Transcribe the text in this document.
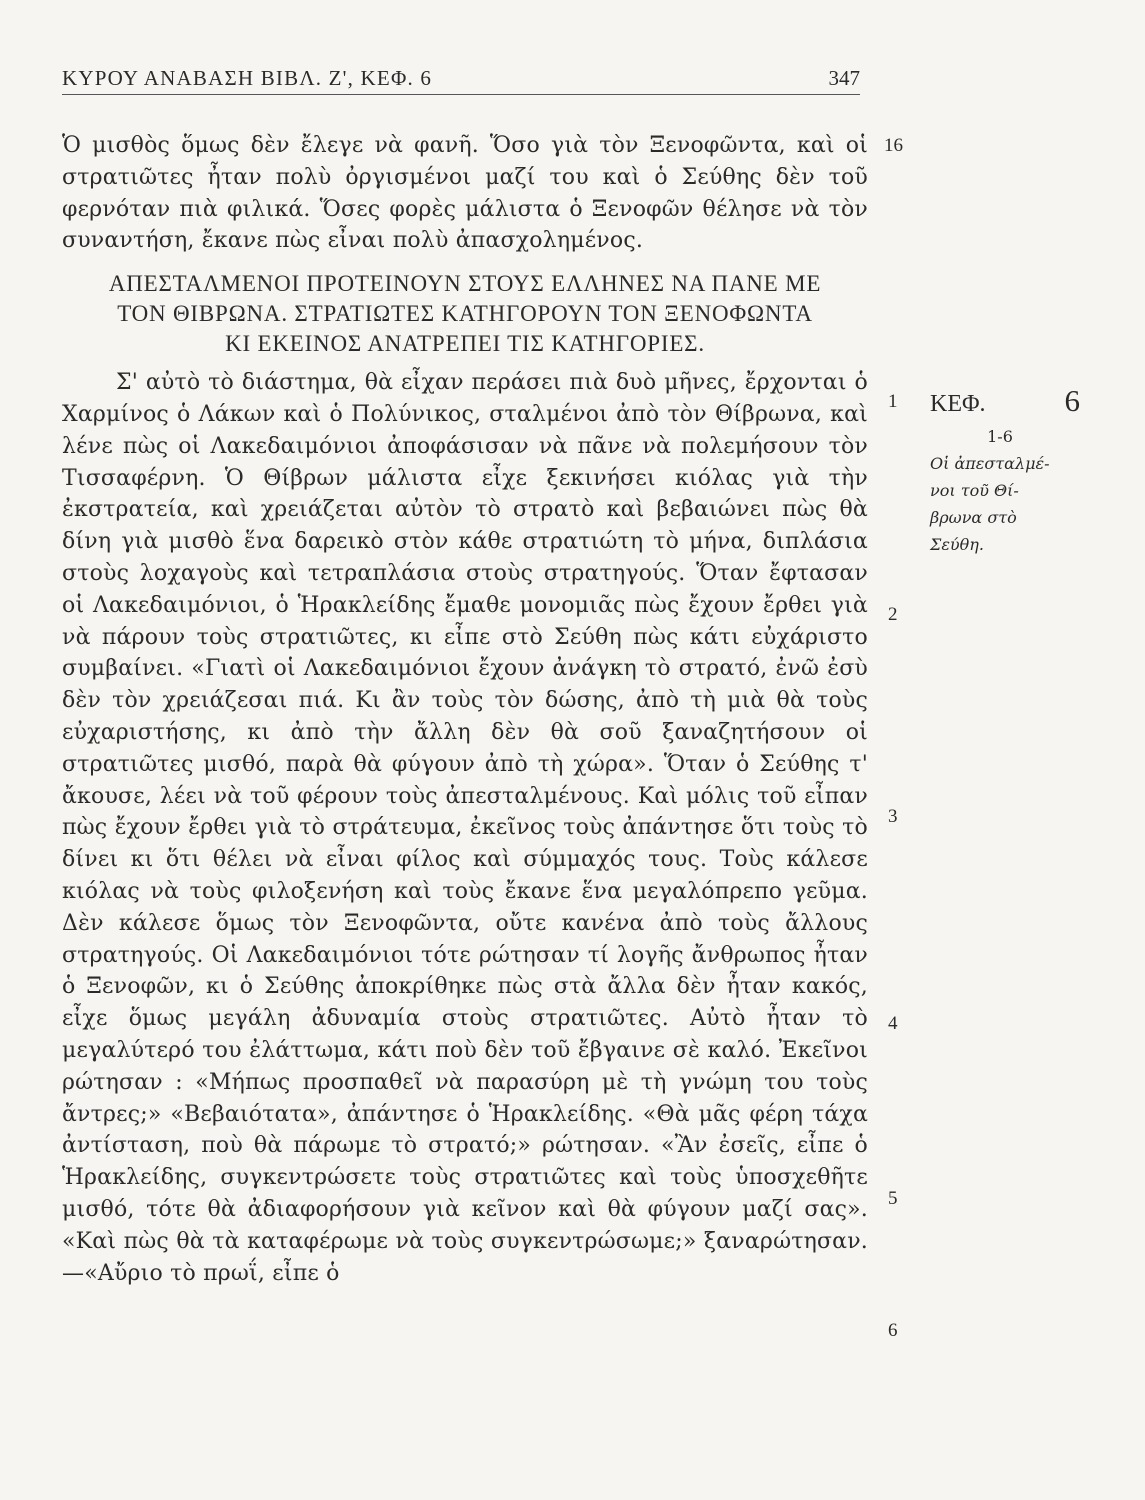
ΚΥΡΟΥ ΑΝΑΒΑΣΗ ΒΙΒΛ. Ζ', ΚΕΦ. 6	347

Ὁ μισθὸς ὅμως δὲν ἔλεγε νὰ φανῆ. Ὅσο γιὰ τὸν Ξενοφῶντα, καὶ οἱ στρατιῶτες ἦταν πολὺ ὀργισμένοι μαζί του καὶ ὁ Σεύθης δὲν τοῦ φερνόταν πιὰ φιλικά. Ὅσες φορὲς μάλιστα ὁ Ξενοφῶν θέλησε νὰ τὸν συναντήση, ἔκανε πὼς εἶναι πολὺ ἀπασχολημένος.

ΑΠΕΣΤΑΛΜΕΝΟΙ ΠΡΟΤΕΙΝΟΥΝ ΣΤΟΥΣ ΕΛΛΗΝΕΣ ΝΑ ΠΑΝΕ ΜΕ
ΤΟΝ ΘΙΒΡΩΝΑ. ΣΤΡΑΤΙΩΤΕΣ ΚΑΤΗΓΟΡΟΥΝ ΤΟΝ ΞΕΝΟΦΩΝΤΑ
ΚΙ ΕΚΕΙΝΟΣ ΑΝΑΤΡΕΠΕΙ ΤΙΣ ΚΑΤΗΓΟΡΙΕΣ.

Σ' αὐτὸ τὸ διάστημα, θὰ εἶχαν περάσει πιὰ δυὸ μῆνες, ἔρχονται ὁ Χαρμίνος ὁ Λάκων καὶ ὁ Πολύνικος, σταλμένοι ἀπὸ τὸν Θίβρωνα, καὶ λένε πὼς οἱ Λακεδαιμόνιοι ἀποφάσισαν νὰ πᾶνε νὰ πολεμήσουν τὸν Τισσαφέρνη. Ὁ Θίβρων μάλιστα εἶχε ξεκινήσει κιόλας γιὰ τὴν ἐκστρατεία, καὶ χρειάζεται αὐτὸν τὸ στρατὸ καὶ βεβαιώνει πὼς θὰ δίνη γιὰ μισθὸ ἕνα δαρεικὸ στὸν κάθε στρατιώτη τὸ μήνα, διπλάσια στοὺς λοχαγοὺς καὶ τετραπλάσια στοὺς στρατηγούς. Ὅταν ἔφτασαν οἱ Λακεδαιμόνιοι, ὁ Ἡρακλείδης ἔμαθε μονομιᾶς πὼς ἔχουν ἔρθει γιὰ νὰ πάρουν τοὺς στρατιῶτες, κι εἶπε στὸ Σεύθη πὼς κάτι εὐχάριστο συμβαίνει. «Γιατὶ οἱ Λακεδαιμόνιοι ἔχουν ἀνάγκη τὸ στρατό, ἐνῶ ἐσὺ δὲν τὸν χρειάζεσαι πιά. Κι ἂν τοὺς τὸν δώσης, ἀπὸ τὴ μιὰ θὰ τοὺς εὐχαριστήσης, κι ἀπὸ τὴν ἄλλη δὲν θὰ σοῦ ξαναζητήσουν οἱ στρατιῶτες μισθό, παρὰ θὰ φύγουν ἀπὸ τὴ χώρα». Ὅταν ὁ Σεύθης τ' ἄκουσε, λέει νὰ τοῦ φέρουν τοὺς ἀπεσταλμένους. Καὶ μόλις τοῦ εἶπαν πὼς ἔχουν ἔρθει γιὰ τὸ στράτευμα, ἐκεῖνος τοὺς ἀπάντησε ὅτι τοὺς τὸ δίνει κι ὅτι θέλει νὰ εἶναι φίλος καὶ σύμμαχός τους. Τοὺς κάλεσε κιόλας νὰ τοὺς φιλοξενήση καὶ τοὺς ἔκανε ἕνα μεγαλόπρεπο γεῦμα. Δὲν κάλεσε ὅμως τὸν Ξενοφῶντα, οὔτε κανένα ἀπὸ τοὺς ἄλλους στρατηγούς. Οἱ Λακεδαιμόνιοι τότε ρώτησαν τί λογῆς ἄνθρωπος ἦταν ὁ Ξενοφῶν, κι ὁ Σεύθης ἀποκρίθηκε πὼς στὰ ἄλλα δὲν ἦταν κακός, εἶχε ὅμως μεγάλη ἀδυναμία στοὺς στρατιῶτες. Αὐτὸ ἦταν τὸ μεγαλύτερό του ἐλάττωμα, κάτι ποὺ δὲν τοῦ ἔβγαινε σὲ καλό. Ἐκεῖνοι ρώτησαν : «Μήπως προσπαθεῖ νὰ παρασύρη μὲ τὴ γνώμη του τοὺς ἄντρες;» «Βεβαιότατα», ἀπάντησε ὁ Ἡρακλείδης. «Θὰ μᾶς φέρη τάχα ἀντίσταση, ποὺ θὰ πάρωμε τὸ στρατό;» ρώτησαν. «Ἂν ἐσεῖς, εἶπε ὁ Ἡρακλείδης, συγκεντρώσετε τοὺς στρατιῶτες καὶ τοὺς ὑποσχεθῆτε μισθό, τότε θὰ ἀδιαφορήσουν γιὰ κεῖνον καὶ θὰ φύγουν μαζί σας». «Καὶ πὼς θὰ τὰ καταφέρωμε νὰ τοὺς συγκεντρώσωμε;» ξαναρώτησαν.—«Αὔριο τὸ πρωΐ, εἶπε ὁ

16
1
2
3
4
5
6
ΚΕΦ.	6
1-6
Οἱ ἀπεσταλμέ-
νοι τοῦ Θί-
βρωνα στὸ
Σεύθη.
